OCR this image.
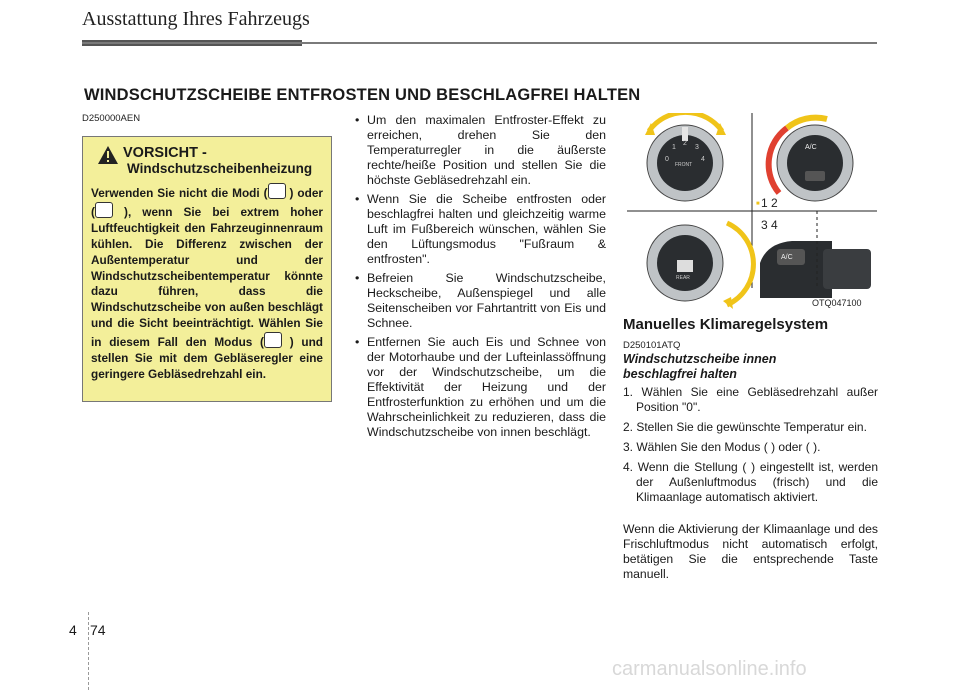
Ausstattung Ihres Fahrzeugs
WINDSCHUTZSCHEIBE ENTFROSTEN UND BESCHLAGFREI HALTEN
D250000AEN
VORSICHT -
Windschutzscheibenheizung
Verwenden Sie nicht die Modi ( ) oder ( ), wenn Sie bei extrem hoher Luftfeuchtigkeit den Fahrzeuginnenraum kühlen. Die Differenz zwischen der Außentemperatur und der Windschutzscheibentemperatur könnte dazu führen, dass die Windschutzscheibe von außen beschlägt und die Sicht beeinträchtigt. Wählen Sie in diesem Fall den Modus ( ) und stellen Sie mit dem Gebläseregler eine geringere Gebläsedrehzahl ein.
• Um den maximalen Entfroster-Effekt zu erreichen, drehen Sie den Temperaturregler in die äußerste rechte/heiße Position und stellen Sie die höchste Gebläsedrehzahl ein.
• Wenn Sie die Scheibe entfrosten oder beschlagfrei halten und gleichzeitig warme Luft im Fußbereich wünschen, wählen Sie den Lüftungsmodus "Fußraum & entfrosten".
• Befreien Sie Windschutzscheibe, Heckscheibe, Außenspiegel und alle Seitenscheiben vor Fahrtantritt von Eis und Schnee.
• Entfernen Sie auch Eis und Schnee von der Motorhaube und der Lufteinlassöffnung vor der Windschutzscheibe, um die Effektivität der Heizung und der Entfrosterfunktion zu erhöhen und um die Wahrscheinlichkeit zu reduzieren, dass die Windschutzscheibe von innen beschlägt.
FRONT
0
1
2
3
4
A/C
1
■ 2
3 4
REAR
A/C
OTQ047100
Manuelles Klimaregelsystem
D250101ATQ
Windschutzscheibe innen beschlagfrei halten
1. Wählen Sie eine Gebläsedrehzahl außer Position "0".
2. Stellen Sie die gewünschte Temperatur ein.
3. Wählen Sie den Modus ( ) oder ( ).
4. Wenn die Stellung ( ) eingestellt ist, werden der Außenluftmodus (frisch) und die Klimaanlage automatisch aktiviert.
Wenn die Aktivierung der Klimaanlage und des Frischluftmodus nicht automatisch erfolgt, betätigen Sie die entsprechende Taste manuell.
4 74
carmanualsonline.info
